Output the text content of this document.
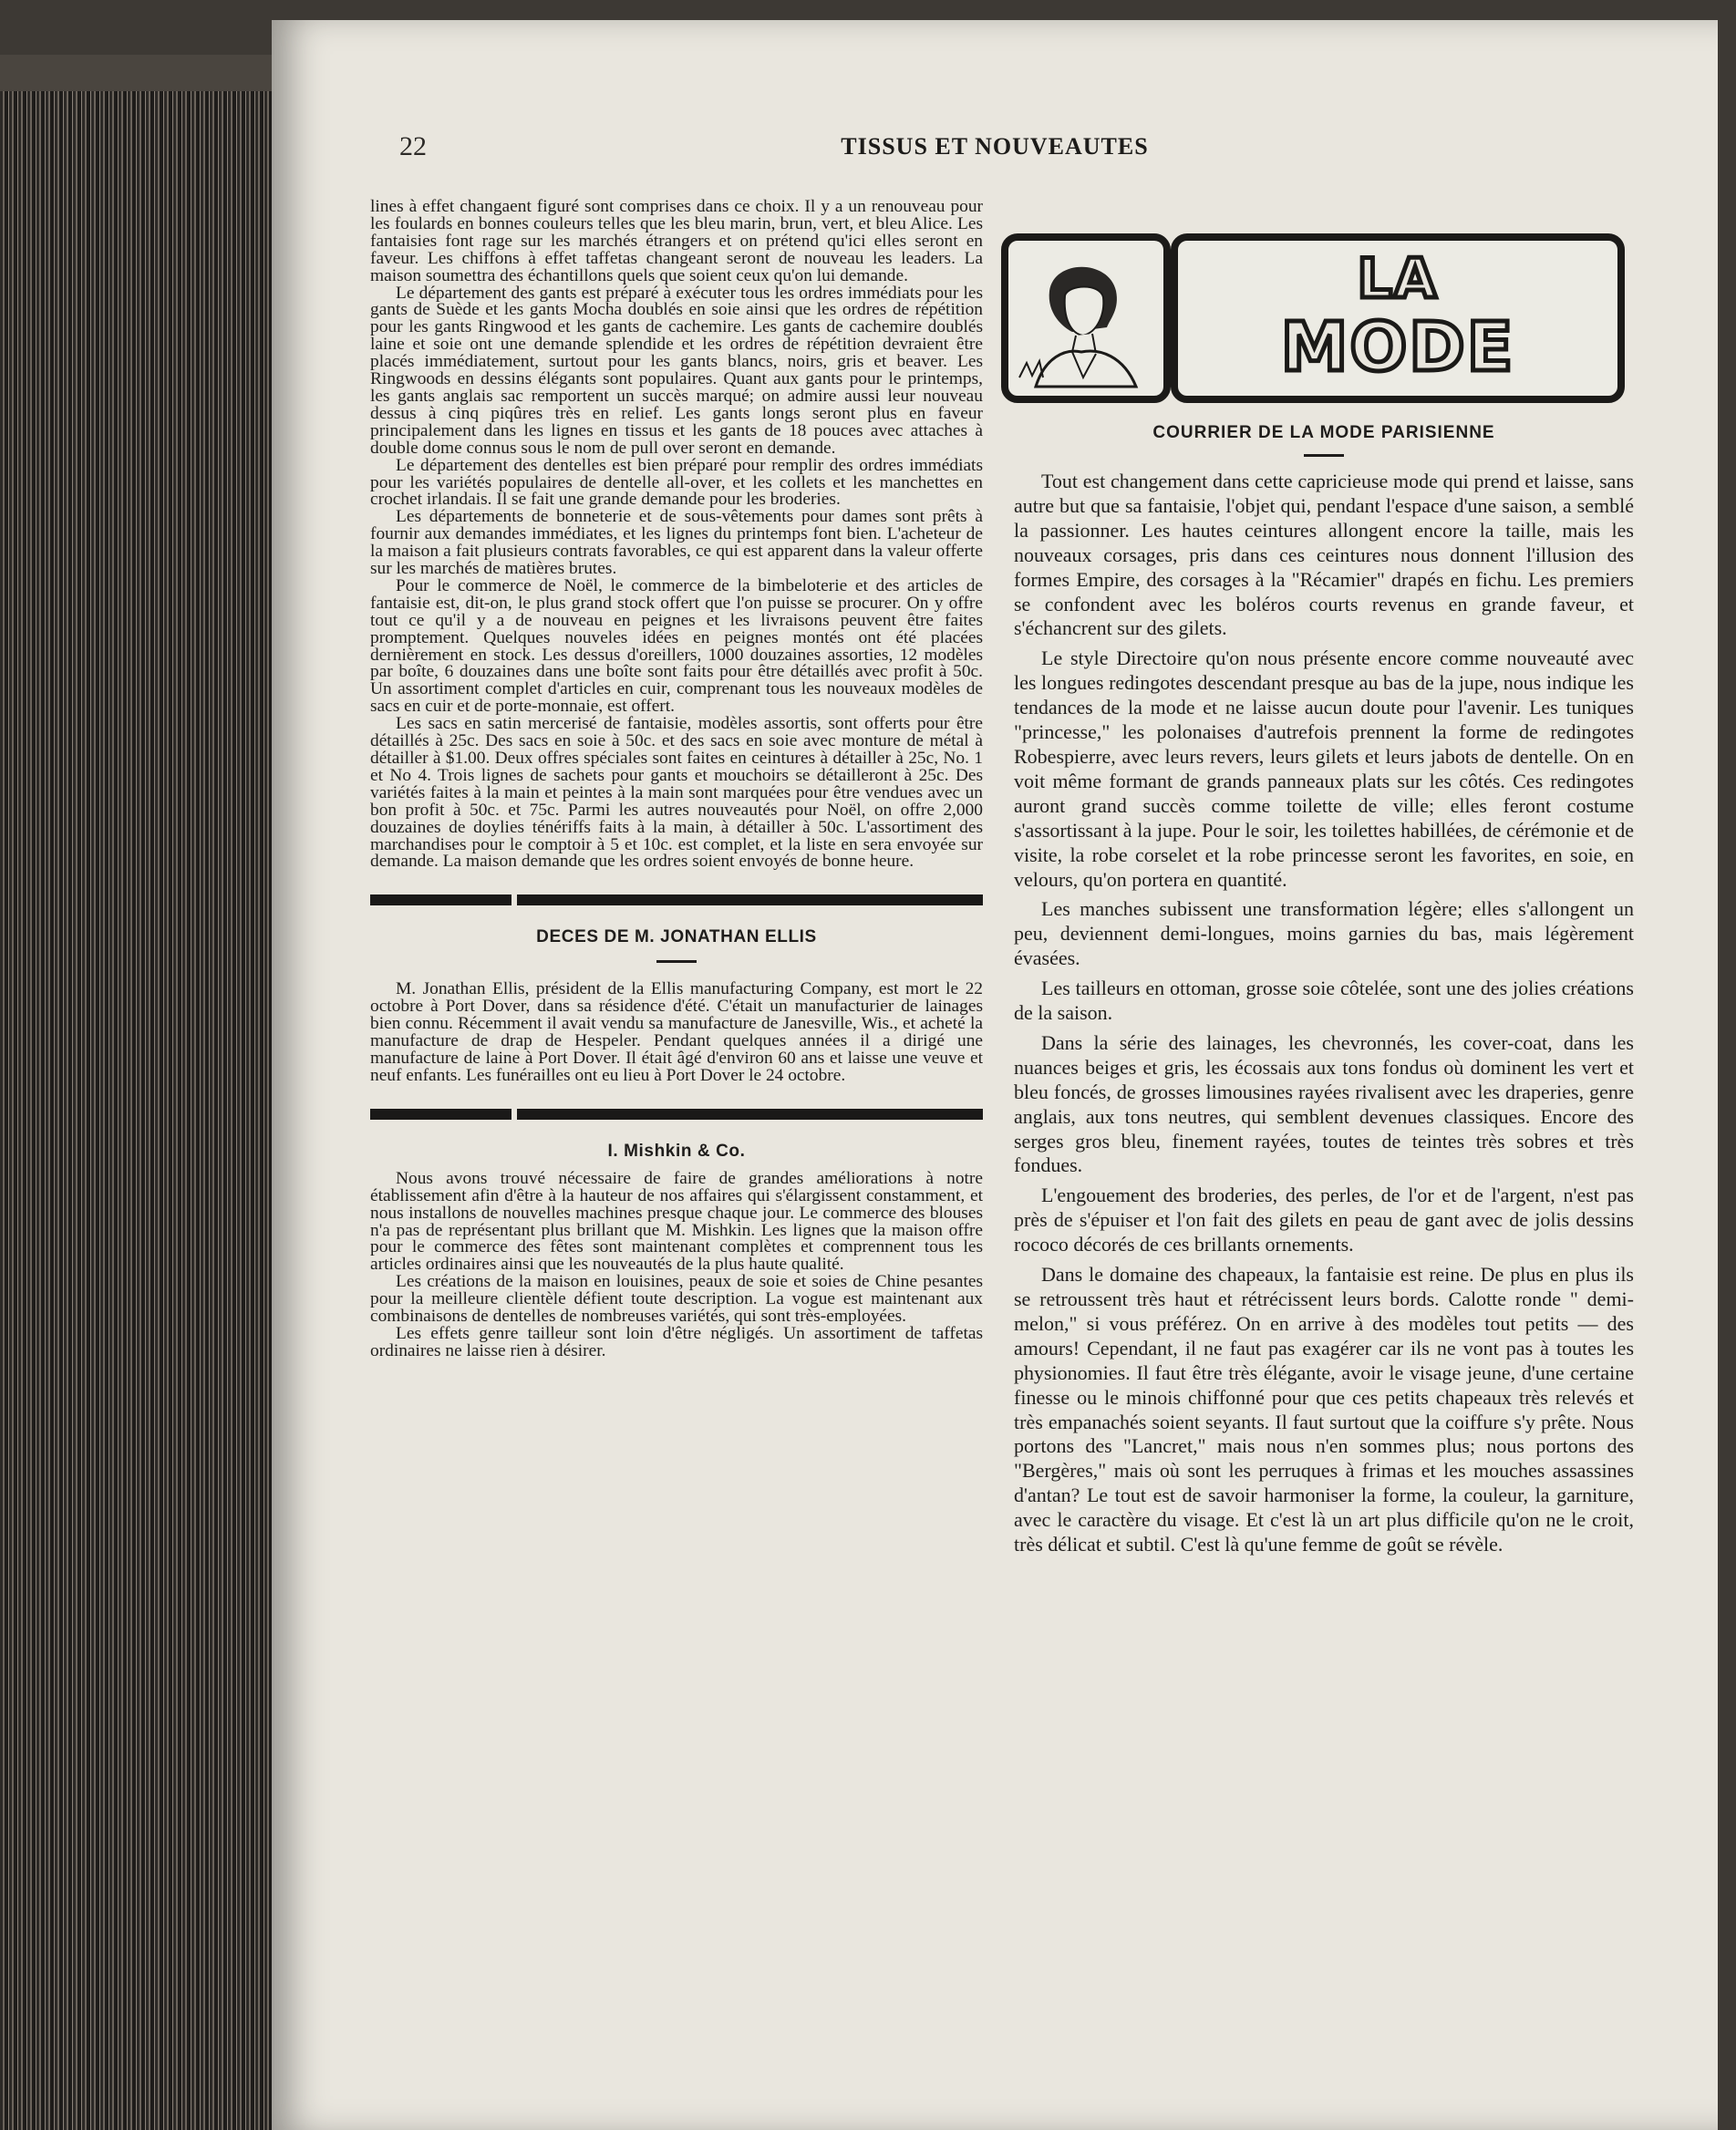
22	TISSUS ET NOUVEAUTES

lines à effet changaent figuré sont comprises dans ce choix. Il y a un renouveau pour les foulards en bonnes couleurs telles que les bleu marin, brun, vert, et bleu Alice. Les fantaisies font rage sur les marchés étrangers et on prétend qu'ici elles seront en faveur. Les chiffons à effet taffetas changeant seront de nouveau les leaders. La maison soumettra des échantillons quels que soient ceux qu'on lui demande.

Le département des gants est préparé à exécuter tous les ordres immédiats pour les gants de Suède et les gants Mocha doublés en soie ainsi que les ordres de répétition pour les gants Ringwood et les gants de cachemire. Les gants de cachemire doublés laine et soie ont une demande splendide et les ordres de répétition devraient être placés immédiatement, surtout pour les gants blancs, noirs, gris et beaver. Les Ringwoods en dessins élégants sont populaires. Quant aux gants pour le printemps, les gants anglais sac remportent un succès marqué; on admire aussi leur nouveau dessus à cinq piqûres très en relief. Les gants longs seront plus en faveur principalement dans les lignes en tissus et les gants de 18 pouces avec attaches à double dome connus sous le nom de pull over seront en demande.

Le département des dentelles est bien préparé pour remplir des ordres immédiats pour les variétés populaires de dentelle all-over, et les collets et les manchettes en crochet irlandais. Il se fait une grande demande pour les broderies.

Les départements de bonneterie et de sous-vêtements pour dames sont prêts à fournir aux demandes immédiates, et les lignes du printemps font bien. L'acheteur de la maison a fait plusieurs contrats favorables, ce qui est apparent dans la valeur offerte sur les marchés de matières brutes.

Pour le commerce de Noël, le commerce de la bimbeloterie et des articles de fantaisie est, dit-on, le plus grand stock offert que l'on puisse se procurer. On y offre tout ce qu'il y a de nouveau en peignes et les livraisons peuvent être faites promptement. Quelques nouveles idées en peignes montés ont été placées dernièrement en stock. Les dessus d'oreillers, 1000 douzaines assorties, 12 modèles par boîte, 6 douzaines dans une boîte sont faits pour être détaillés avec profit à 50c. Un assortiment complet d'articles en cuir, comprenant tous les nouveaux modèles de sacs en cuir et de porte-monnaie, est offert.

Les sacs en satin mercerisé de fantaisie, modèles assortis, sont offerts pour être détaillés à 25c. Des sacs en soie à 50c. et des sacs en soie avec monture de métal à détailler à $1.00. Deux offres spéciales sont faites en ceintures à détailler à 25c, No. 1 et No 4. Trois lignes de sachets pour gants et mouchoirs se détailleront à 25c. Des variétés faites à la main et peintes à la main sont marquées pour être vendues avec un bon profit à 50c. et 75c. Parmi les autres nouveautés pour Noël, on offre 2,000 douzaines de doylies ténériffs faits à la main, à détailler à 50c. L'assortiment des marchandises pour le comptoir à 5 et 10c. est complet, et la liste en sera envoyée sur demande. La maison demande que les ordres soient envoyés de bonne heure.

DECES DE M. JONATHAN ELLIS

M. Jonathan Ellis, président de la Ellis manufacturing Company, est mort le 22 octobre à Port Dover, dans sa résidence d'été. C'était un manufacturier de lainages bien connu. Récemment il avait vendu sa manufacture de Janesville, Wis., et acheté la manufacture de drap de Hespeler. Pendant quelques années il a dirigé une manufacture de laine à Port Dover. Il était âgé d'environ 60 ans et laisse une veuve et neuf enfants. Les funérailles ont eu lieu à Port Dover le 24 octobre.

I. Mishkin & Co.

Nous avons trouvé nécessaire de faire de grandes améliorations à notre établissement afin d'être à la hauteur de nos affaires qui s'élargissent constamment, et nous installons de nouvelles machines presque chaque jour. Le commerce des blouses n'a pas de représentant plus brillant que M. Mishkin. Les lignes que la maison offre pour le commerce des fêtes sont maintenant complètes et comprennent tous les articles ordinaires ainsi que les nouveautés de la plus haute qualité.

Les créations de la maison en louisines, peaux de soie et soies de Chine pesantes pour la meilleure clientèle défient toute description. La vogue est maintenant aux combinaisons de dentelles de nombreuses variétés, qui sont très-employées.

Les effets genre tailleur sont loin d'être négligés. Un assortiment de taffetas ordinaires ne laisse rien à désirer.

LA
MODE
COURRIER DE LA MODE PARISIENNE

Tout est changement dans cette capricieuse mode qui prend et laisse, sans autre but que sa fantaisie, l'objet qui, pendant l'espace d'une saison, a semblé la passionner. Les hautes ceintures allongent encore la taille, mais les nouveaux corsages, pris dans ces ceintures nous donnent l'illusion des formes Empire, des corsages à la "Récamier" drapés en fichu. Les premiers se confondent avec les boléros courts revenus en grande faveur, et s'échancrent sur des gilets.

Le style Directoire qu'on nous présente encore comme nouveauté avec les longues redingotes descendant presque au bas de la jupe, nous indique les tendances de la mode et ne laisse aucun doute pour l'avenir. Les tuniques "princesse," les polonaises d'autrefois prennent la forme de redingotes Robespierre, avec leurs revers, leurs gilets et leurs jabots de dentelle. On en voit même formant de grands panneaux plats sur les côtés. Ces redingotes auront grand succès comme toilette de ville; elles feront costume s'assortissant à la jupe. Pour le soir, les toilettes habillées, de cérémonie et de visite, la robe corselet et la robe princesse seront les favorites, en soie, en velours, qu'on portera en quantité.

Les manches subissent une transformation légère; elles s'allongent un peu, deviennent demi-longues, moins garnies du bas, mais légèrement évasées.

Les tailleurs en ottoman, grosse soie côtelée, sont une des jolies créations de la saison.

Dans la série des lainages, les chevronnés, les cover-coat, dans les nuances beiges et gris, les écossais aux tons fondus où dominent les vert et bleu foncés, de grosses limousines rayées rivalisent avec les draperies, genre anglais, aux tons neutres, qui semblent devenues classiques. Encore des serges gros bleu, finement rayées, toutes de teintes très sobres et très fondues.

L'engouement des broderies, des perles, de l'or et de l'argent, n'est pas près de s'épuiser et l'on fait des gilets en peau de gant avec de jolis dessins rococo décorés de ces brillants ornements.

Dans le domaine des chapeaux, la fantaisie est reine. De plus en plus ils se retroussent très haut et rétrécissent leurs bords. Calotte ronde " demi-melon," si vous préférez. On en arrive à des modèles tout petits — des amours! Cependant, il ne faut pas exagérer car ils ne vont pas à toutes les physionomies. Il faut être très élégante, avoir le visage jeune, d'une certaine finesse ou le minois chiffonné pour que ces petits chapeaux très relevés et très empanachés soient seyants. Il faut surtout que la coiffure s'y prête. Nous portons des "Lancret," mais nous n'en sommes plus; nous portons des "Bergères," mais où sont les perruques à frimas et les mouches assassines d'antan? Le tout est de savoir harmoniser la forme, la couleur, la garniture, avec le caractère du visage. Et c'est là un art plus difficile qu'on ne le croit, très délicat et subtil. C'est là qu'une femme de goût se révèle.
